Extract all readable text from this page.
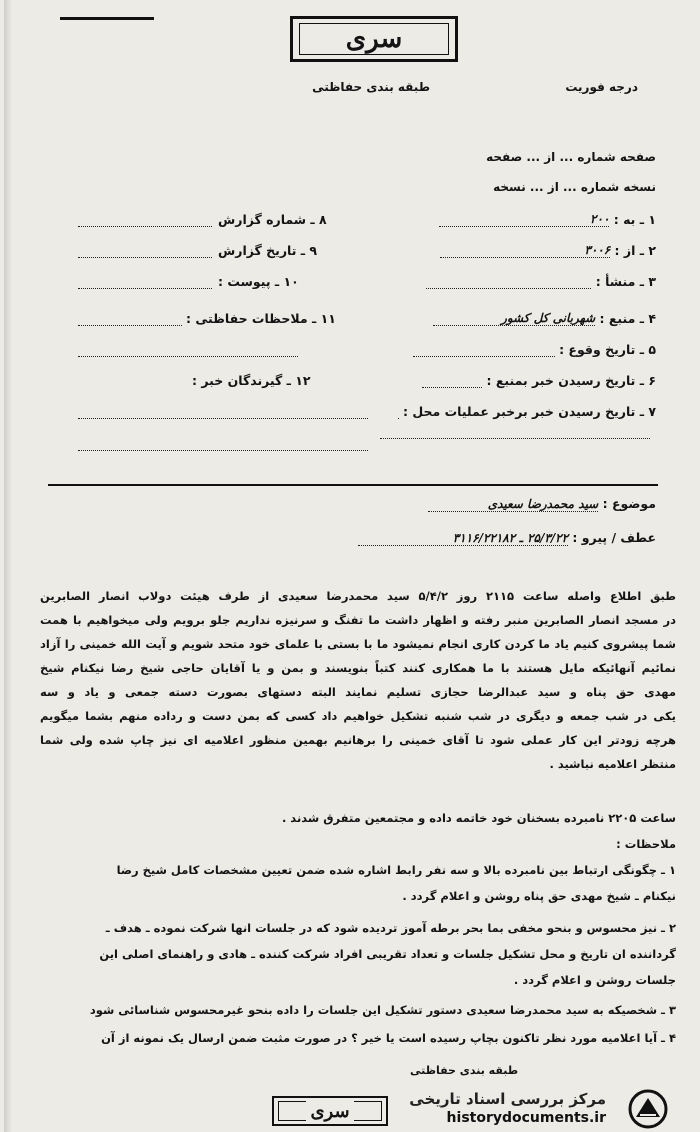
سری
درجه فوریت
طبقه بندی حفاظتی
صفحه شماره ... از ... صفحه
نسخه شماره ... از ... نسخه
۱ ـ به : ۲۰۰
۲ ـ از : ۳۰۰۶
۳ ـ منشأ :
۴ ـ منبع : شهربانی کل کشور
۵ ـ تاریخ وقوع :
۶ ـ تاریخ رسیدن خبر بمنبع :
۷ ـ تاریخ رسیدن خبر برخبر عملیات محل :
۸ ـ شماره گزارش
۹ ـ تاریخ گزارش
۱۰ ـ پیوست :
۱۱ ـ ملاحظات حفاظتی :
۱۲ ـ گیرندگان خبر :
موضوع : سید محمدرضا سعیدی
عطف / پیرو : ۲۵/۳/۲۲ ـ ۳۱۱۶/۲۲۱۸۲
طبق اطلاع واصله ساعت ۲۱۱۵ روز ۵/۴/۲ سید محمدرضا سعیدی از طرف هیئت دولاب انصار الصابرین
در مسجد انصار الصابرین منبر رفته و اظهار داشت ما تفنگ و سرنیزه نداریم جلو برویم ولی میخواهیم با همت
شما پیشروی کنیم یاد ما کردن کاری انجام نمیشود ما با بستی با علمای خود متحد شویم و آیت الله خمینی را آزاد
نمائیم آنهائیکه مایل هستند با ما همکاری کنند کتباً بنویسند و بمن و یا آقایان حاجی شیخ رضا نیکنام شیخ
مهدی حق پناه و سید عبدالرضا حجازی تسلیم نمایند البته دستهای بصورت دسته جمعی و یاد و سه
یکی در شب جمعه و دیگری در شب شنبه تشکیل خواهیم داد کسی که بمن دست و رداده منهم بشما میگویم
هرچه زودتر این کار عملی شود تا آقای خمینی را برهانیم بهمین منظور اعلامیه ای نیز چاپ شده ولی شما
منتظر اعلامیه نباشید .
ساعت ۲۲۰۵ نامبرده بسخنان خود خاتمه داده و مجتمعین متفرق شدند .
ملاحظات :
۱ ـ چگونگی ارتباط بین نامبرده بالا و سه نفر رابط اشاره شده ضمن تعیین مشخصات کامل شیخ رضا
نیکنام ـ شیخ مهدی حق پناه روشن و اعلام گردد .
۲ ـ نیز محسوس و بنحو مخفی بما بحر برطه آموز تردیده شود که در جلسات انها شرکت نموده ـ هدف ـ
گرداننده ان تاریخ و محل تشکیل جلسات و تعداد تقریبی افراد شرکت کننده ـ هادی و راهنمای اصلی این
جلسات روشن و اعلام گردد .
۳ ـ شخصیکه به سید محمدرضا سعیدی دستور تشکیل این جلسات را داده بنحو غیرمحسوس شناسائی شود
۴ ـ آیا اعلامیه مورد نظر تاکنون بچاپ رسیده است یا خیر ؟ در صورت مثبت ضمن ارسال یک نمونه از آن
طبقه بندی حفاظتی
سری
مرکز بررسی اسناد تاریخی
historydocuments.ir
